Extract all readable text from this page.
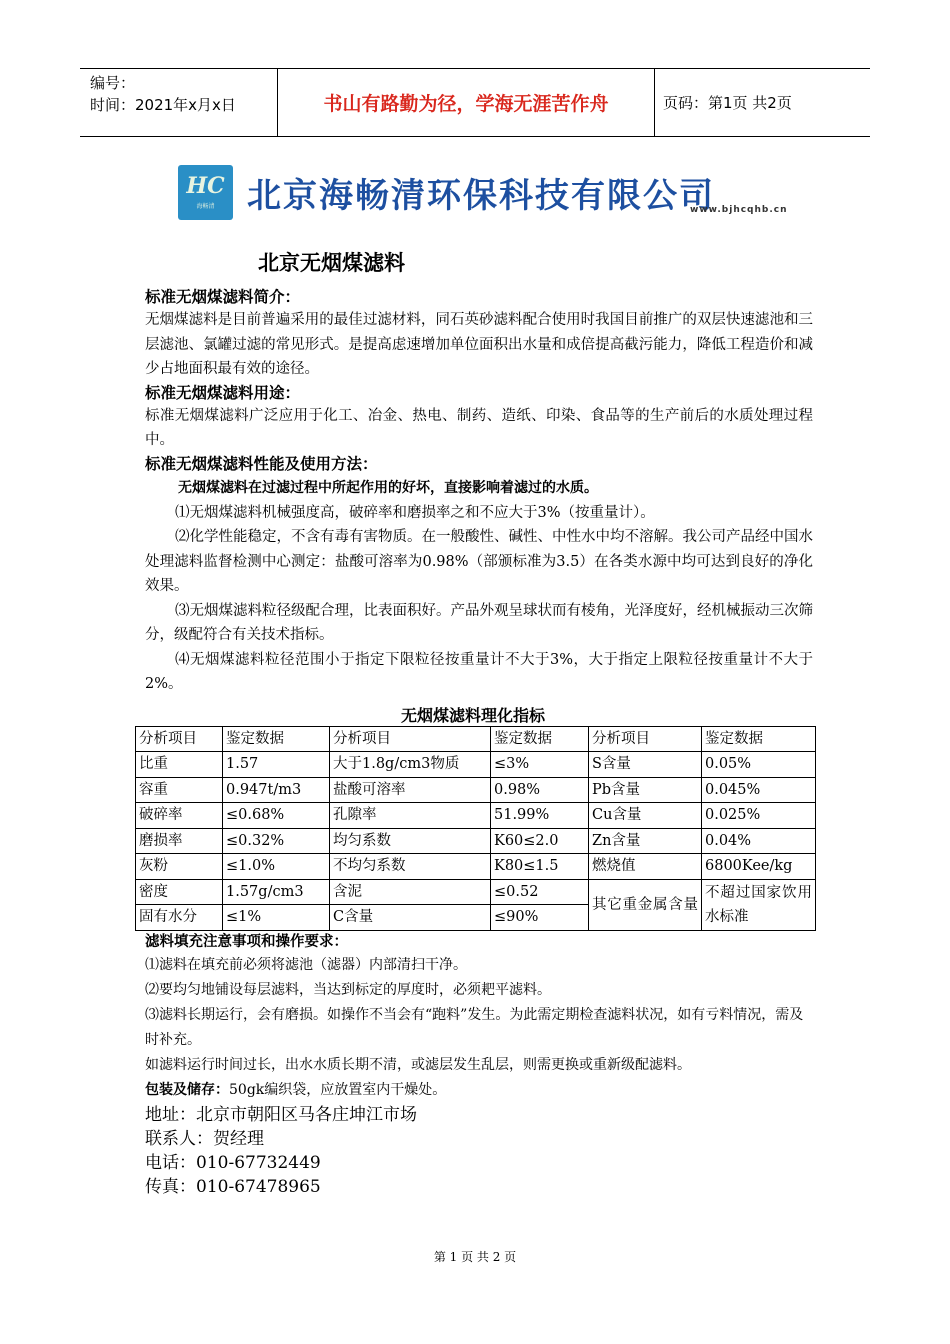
编号：
时间：2021年x月x日	书山有路勤为径，学海无涯苦作舟	页码：第1页 共2页
HC
海畅清 北京海畅清环保科技有限公司
www.bjhcqhb.cn
北京无烟煤滤料
标准无烟煤滤料简介：
无烟煤滤料是目前普遍采用的最佳过滤材料，同石英砂滤料配合使用时我国目前推广的双层快速滤池和三层滤池、氯罐过滤的常见形式。是提高虑速增加单位面积出水量和成倍提高截污能力，降低工程造价和减少占地面积最有效的途径。
标准无烟煤滤料用途：
标准无烟煤滤料广泛应用于化工、冶金、热电、制药、造纸、印染、食品等的生产前后的水质处理过程中。
标准无烟煤滤料性能及使用方法：
无烟煤滤料在过滤过程中所起作用的好坏，直接影响着滤过的水质。
⑴无烟煤滤料机械强度高，破碎率和磨损率之和不应大于3%（按重量计）。
⑵化学性能稳定，不含有毒有害物质。在一般酸性、碱性、中性水中均不溶解。我公司产品经中国水处理滤料监督检测中心测定：盐酸可溶率为0.98%（部颁标准为3.5）在各类水源中均可达到良好的净化效果。
⑶无烟煤滤料粒径级配合理，比表面积好。产品外观呈球状而有棱角，光泽度好，经机械振动三次筛分，级配符合有关技术指标。
⑷无烟煤滤料粒径范围小于指定下限粒径按重量计不大于3%，大于指定上限粒径按重量计不大于2%。
无烟煤滤料理化指标
分析项目	鉴定数据	分析项目	鉴定数据	分析项目	鉴定数据
比重	1.57	大于1.8g/cm3物质	≤3%	S含量	0.05%
容重	0.947t/m3	盐酸可溶率	0.98%	Pb含量	0.045%
破碎率	≤0.68%	孔隙率	51.99%	Cu含量	0.025%
磨损率	≤0.32%	均匀系数	K60≤2.0	Zn含量	0.04%
灰粉	≤1.0%	不均匀系数	K80≤1.5	燃烧值	6800Kee/kg
密度	1.57g/cm3	含泥	≤0.52	其它重金属含量	不超过国家饮用水标准
固有水分	≤1%	C含量	≤90%		
滤料填充注意事项和操作要求：
⑴滤料在填充前必须将滤池（滤器）内部清扫干净。
⑵要均匀地铺设每层滤料，当达到标定的厚度时，必须耙平滤料。
⑶滤料长期运行，会有磨损。如操作不当会有“跑料”发生。为此需定期检查滤料状况，如有亏料情况，需及时补充。
如滤料运行时间过长，出水水质长期不清，或滤层发生乱层，则需更换或重新级配滤料。
包装及储存：50gk编织袋，应放置室内干燥处。
地址：北京市朝阳区马各庄坤江市场
联系人：贺经理
电话：010-67732449
传真：010-67478965
第 1 页 共 2 页
